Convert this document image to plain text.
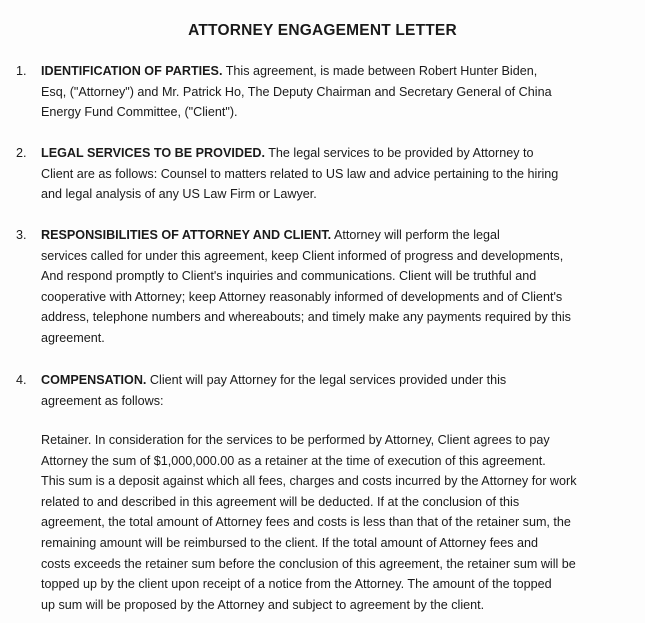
ATTORNEY ENGAGEMENT LETTER
1.	IDENTIFICATION OF PARTIES. This agreement, is made between Robert Hunter Biden,
Esq, ("Attorney") and Mr. Patrick Ho, The Deputy Chairman and Secretary General of China
Energy Fund Committee, ("Client").
2.	LEGAL SERVICES TO BE PROVIDED. The legal services to be provided by Attorney to
Client are as follows: Counsel to matters related to US law and advice pertaining to the hiring
and legal analysis of any US Law Firm or Lawyer.
3.	RESPONSIBILITIES OF ATTORNEY AND CLIENT. Attorney will perform the legal
services called for under this agreement, keep Client informed of progress and developments,
And respond promptly to Client's inquiries and communications. Client will be truthful and
cooperative with Attorney; keep Attorney reasonably informed of developments and of Client's
address, telephone numbers and whereabouts; and timely make any payments required by this
agreement.
4.	COMPENSATION. Client will pay Attorney for the legal services provided under this
agreement as follows:
Retainer. In consideration for the services to be performed by Attorney, Client agrees to pay
Attorney the sum of $1,000,000.00 as a retainer at the time of execution of this agreement.
This sum is a deposit against which all fees, charges and costs incurred by the Attorney for work
related to and described in this agreement will be deducted. If at the conclusion of this
agreement, the total amount of Attorney fees and costs is less than that of the retainer sum, the
remaining amount will be reimbursed to the client. If the total amount of Attorney fees and
costs exceeds the retainer sum before the conclusion of this agreement, the retainer sum will be
topped up by the client upon receipt of a notice from the Attorney. The amount of the topped
up sum will be proposed by the Attorney and subject to agreement by the client.
